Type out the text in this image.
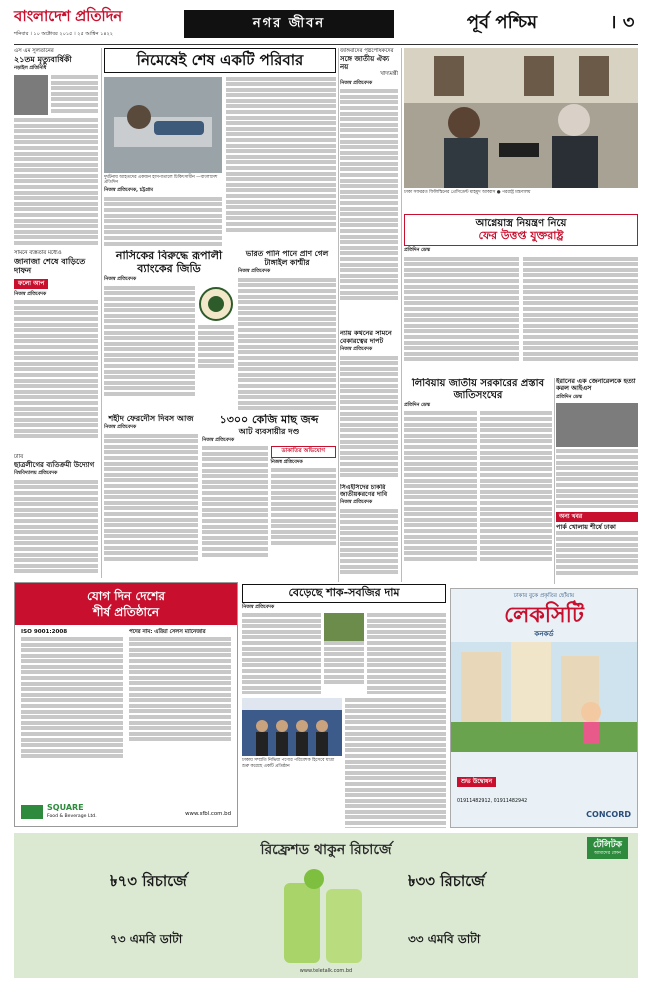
বাংলাদেশ প্রতিদিন
শনিবার । ১০ অক্টোবর ২০১৫ । ২৫ আশ্বিন ১৪২২
নগর জীবন	পূর্ব পশ্চিম	। ৩
এস এম সুলতানের
২১তম মৃত্যুবার্ষিকী
নড়াইল প্রতিনিধি	নিমেষেই শেষ একটি পরিবার
দুর্ঘটনায় আহতদের একজন হাসপাতালে চিকিৎসাধীন —বাংলাদেশ প্রতিদিন
নিজস্ব প্রতিবেদক, চট্টগ্রাম
জঙ্গিবাদের পৃষ্ঠপোষকদের
সঙ্গে জাতীয় ঐক্য নয়
খাদ্যমন্ত্রী
নিজস্ব প্রতিবেদক
ঢাকা সফররত ফিলিস্তিনের প্রেসিডেন্ট মাহমুদ আব্বাস ● পররাষ্ট্র মন্ত্রণালয়
সামনে ব্যস্ততার মধ্যেও
জানাজা শেষে বাড়িতে দাফন
ফলো আপ
নিজস্ব প্রতিবেদক
নাসিকের বিরুদ্ধে রূপালী ব্যাংকের জিডি
নিজস্ব প্রতিবেদক
ভারত পানি পানে প্রাণ গেল টাঙ্গাইল কাশ্মীর
নিজস্ব প্রতিবেদক
আগ্নেয়াস্ত্র নিয়ন্ত্রণ নিয়ে
ফের উত্তপ্ত যুক্তরাষ্ট্র
প্রতিদিন ডেস্ক
ইরানের এক জেনারেলকে হত্যা করল আইএস
প্রতিদিন ডেস্ক
লিবিয়ায় জাতীয় সরকারের প্রস্তাব জাতিসংঘের
প্রতিদিন ডেস্ক
অন্য খবর
পার্ক খোলায় শীর্ষে ঢাকা
ন্যায় কথনের সামনে বেকারত্বের দাপট
নিজস্ব প্রতিবেদক
সিএইসিদের চাকরি জাতীয়করণের দাবি
নিজস্ব প্রতিবেদক
ঢাবি
ছাত্রলীগের ব্যতিক্রমী উদ্যোগ
বিশ্ববিদ্যালয় প্রতিবেদক
শহীদ ফেরদৌস দিবস আজ
নিজস্ব প্রতিবেদক
১৩০০ কেজি মাছ জব্দ
আট ব্যবসায়ীর দণ্ড
নিজস্ব প্রতিবেদক
ডাকাতির অভিযোগ
নিজস্ব প্রতিবেদক
যোগ দিন দেশের
শীর্ষ প্রতিষ্ঠানে
ISO 9001:2008	পদের নাম: এরিয়া সেলস ম্যানেজার
SQUARE
Food & Beverage Ltd.	www.sfbl.com.bd
বেড়েছে শাক-সবজির দাম
নিজস্ব প্রতিবেদক
ঢাকায় সম্প্রতি নিভিয়া পণ্যের পরিবেশক হিসেবে যাত্রা শুরু করেছে একটি প্রতিষ্ঠান
ঢাকার বুকে প্রকৃতির ছোঁয়ায়
লেকসিটি
কনকর্ড
শুভ উদ্বোধন
01911482912, 01911482942
CONCORD
রিফ্রেশড থাকুন রিচার্জে
৳৭৩ রিচার্জে
৭৩ এমবি ডাটা
৳৩৩ রিচার্জে
৩৩ এমবি ডাটা
টেলিটক
আমাদের ফোন
www.teletalk.com.bd
